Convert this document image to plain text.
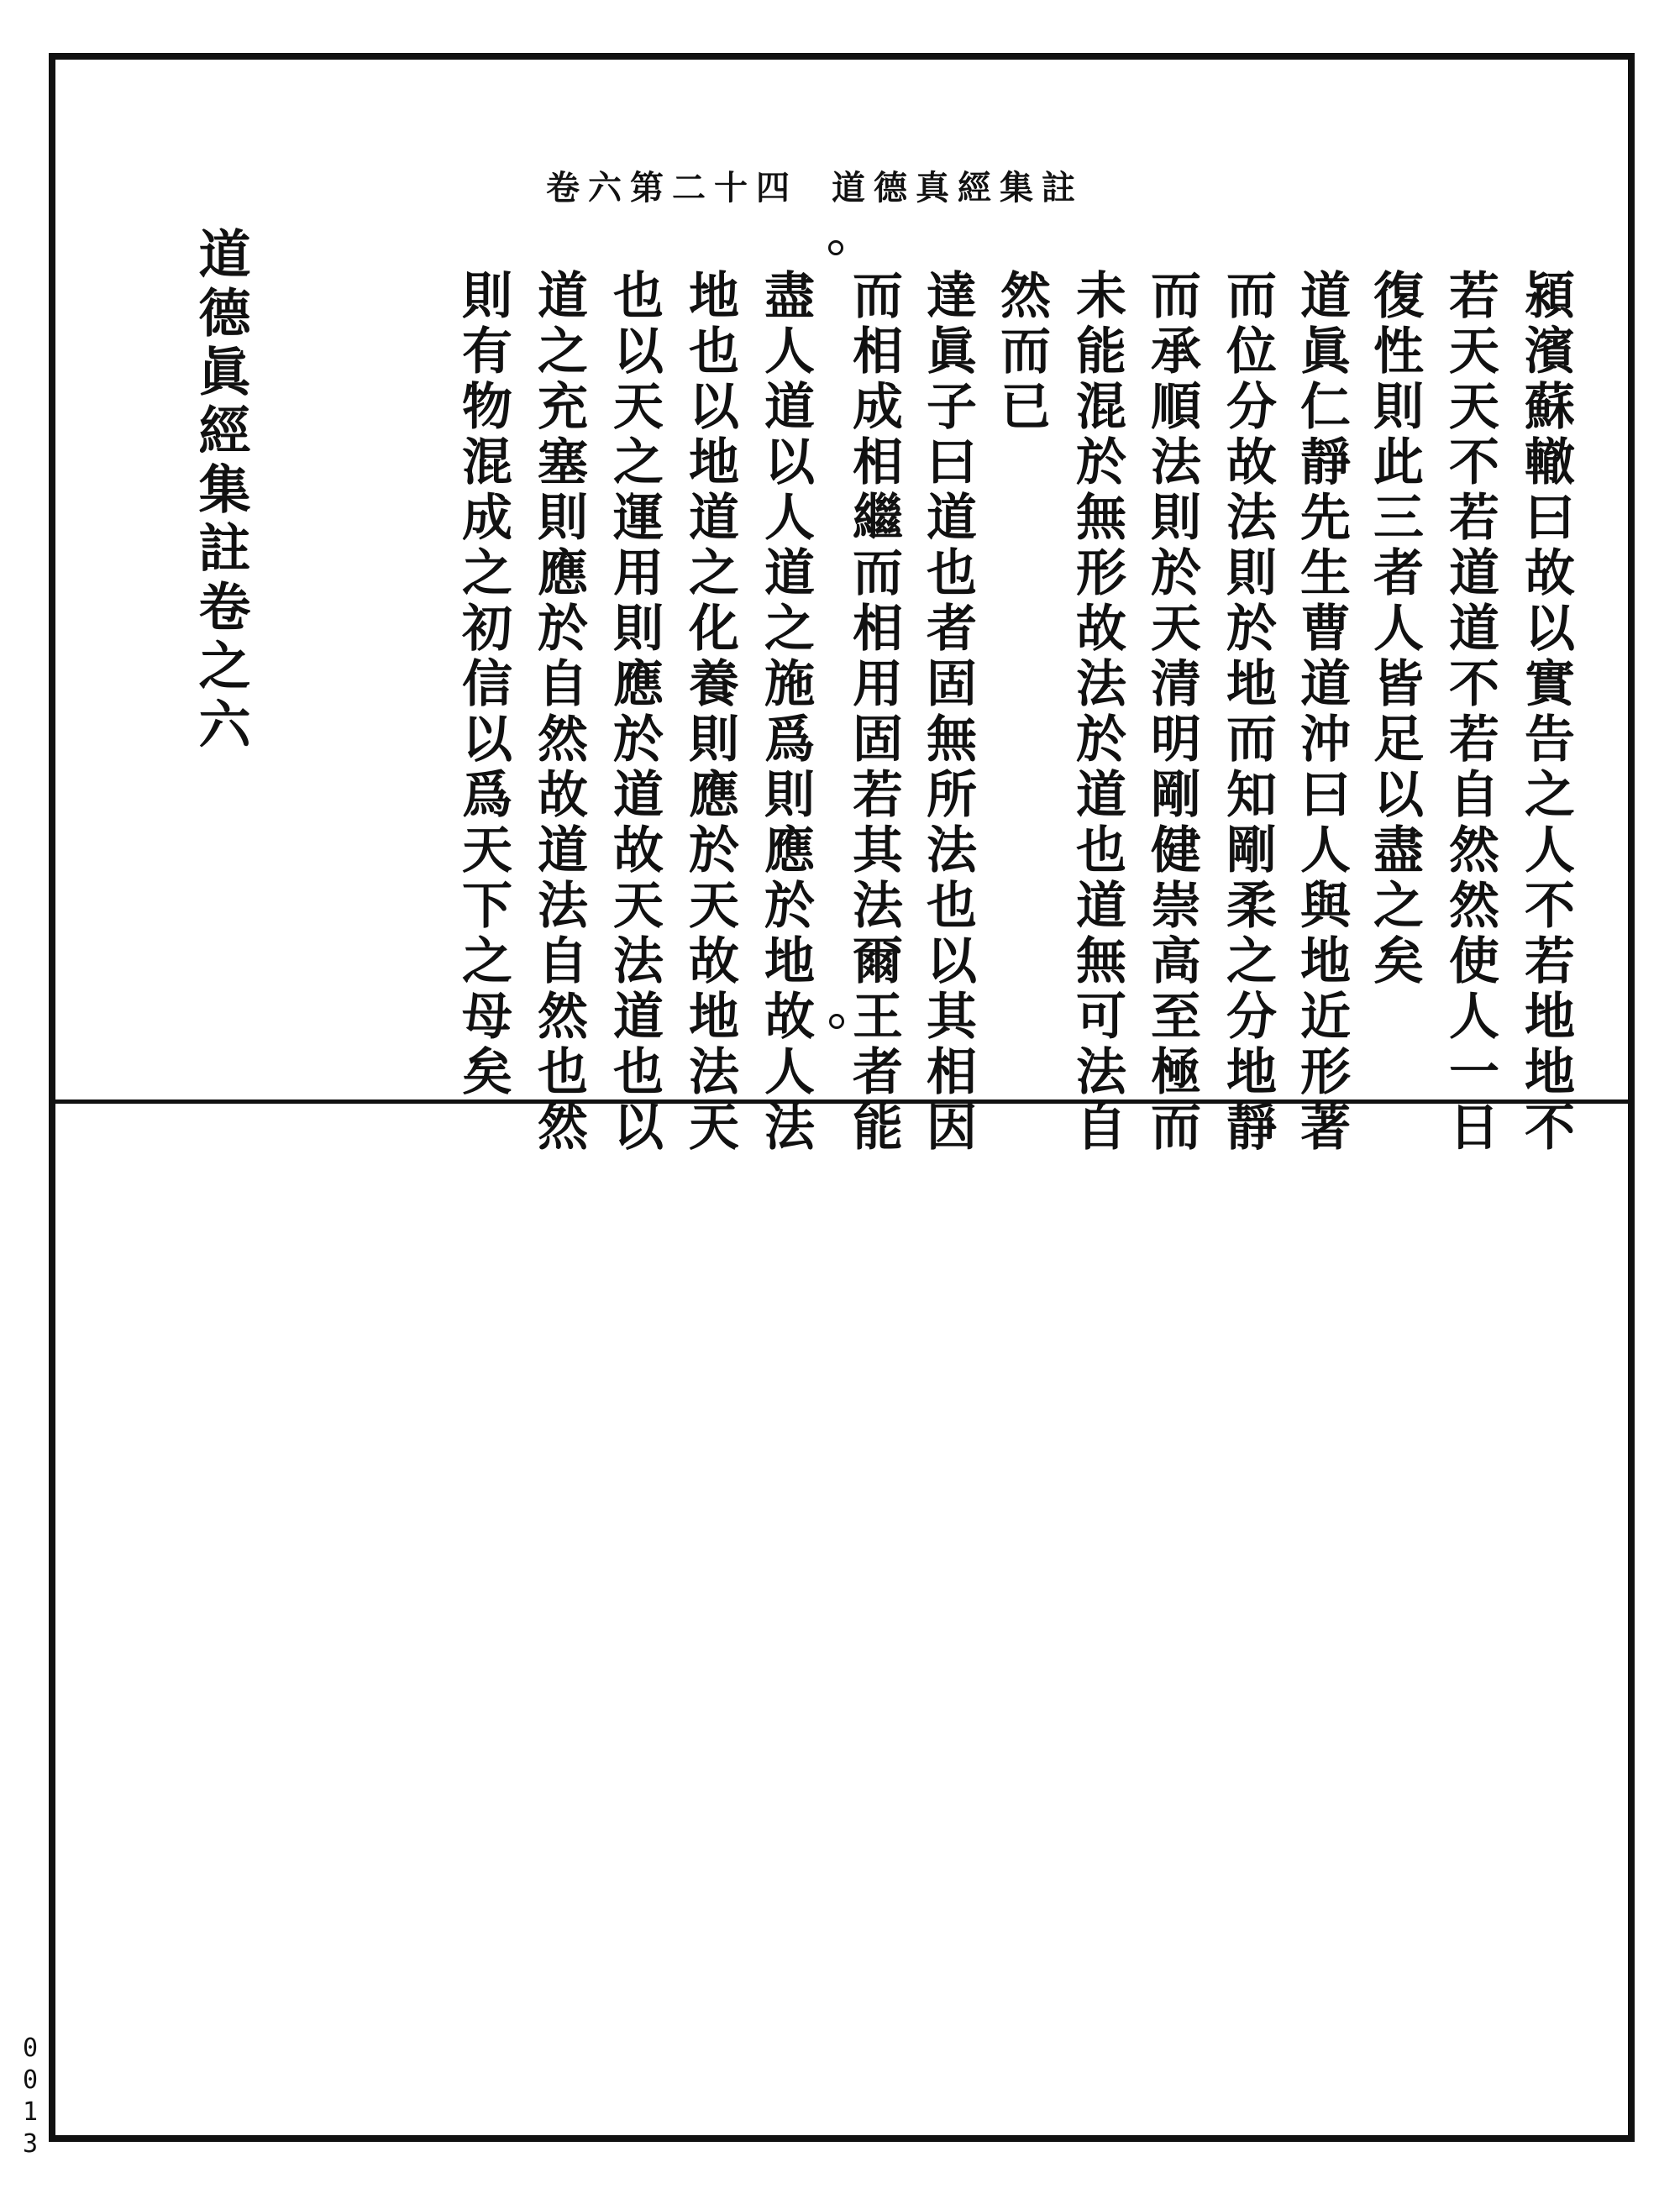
卷六第二十四 道德真經集註
潁濱蘇轍曰故以實告之人不若地地不
若天天不若道道不若自然然使人一日
復性則此三者人皆足以盡之矣
道眞仁靜先生曹道沖曰人與地近形著
而位分故法則於地而知剛柔之分地靜
而承順法則於天清明剛健崇高至極而
未能混於無形故法於道也道無可法自
然而已
達眞子曰道也者固無所法也以其相因
而相成相繼而相用固若其法爾王者能
盡人道以人道之施爲則應於地故人法
地也以地道之化養則應於天故地法天
也以天之運用則應於道故天法道也以
道之充塞則應於自然故道法自然也然
則有物混成之初信以爲天下之母矣
道德眞經集註卷之六
0
0
1
3
